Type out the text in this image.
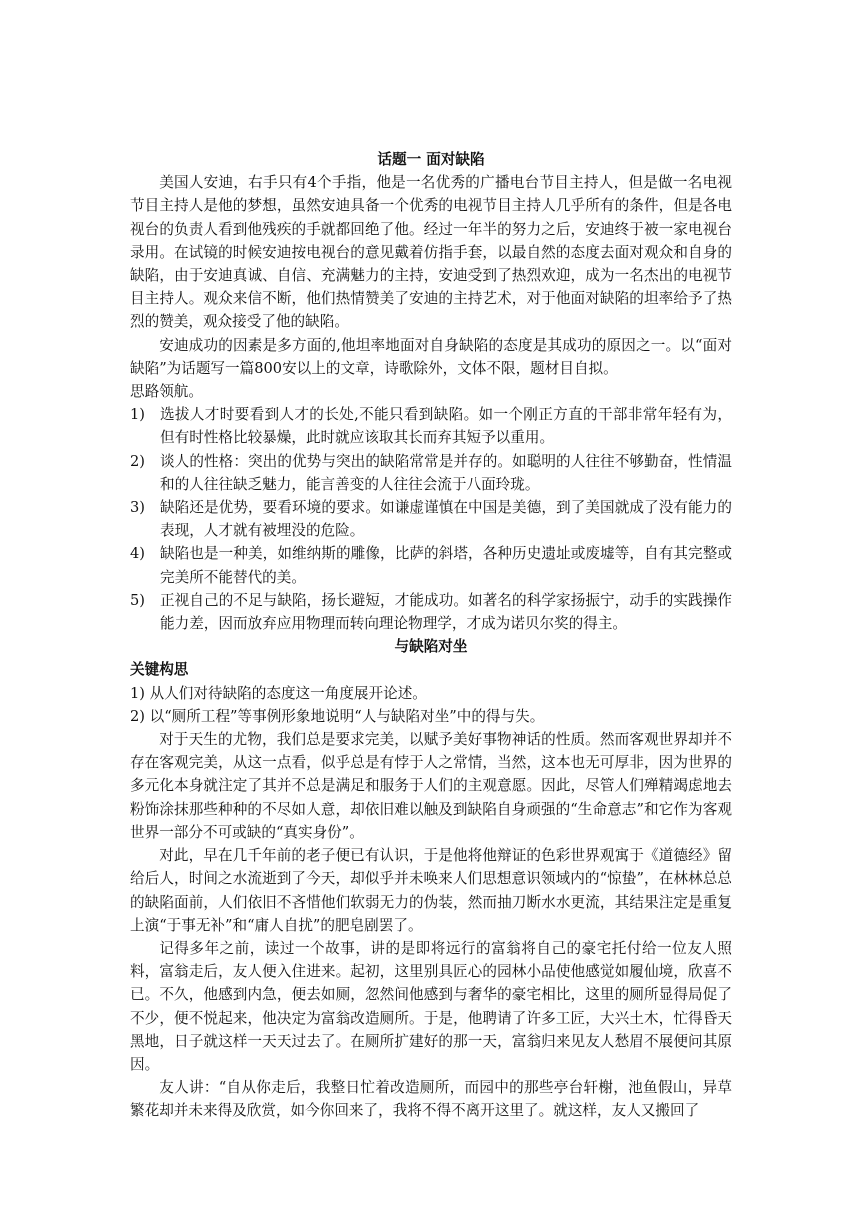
话题一 面对缺陷

美国人安迪，右手只有4个手指，他是一名优秀的广播电台节目主持人，但是做一名电视节目主持人是他的梦想，虽然安迪具备一个优秀的电视节目主持人几乎所有的条件，但是各电视台的负责人看到他残疾的手就都回绝了他。经过一年半的努力之后，安迪终于被一家电视台录用。在试镜的时候安迪按电视台的意见戴着仿指手套，以最自然的态度去面对观众和自身的缺陷，由于安迪真诚、自信、充满魅力的主持，安迪受到了热烈欢迎，成为一名杰出的电视节目主持人。观众来信不断，他们热情赞美了安迪的主持艺术，对于他面对缺陷的坦率给予了热烈的赞美，观众接受了他的缺陷。

安迪成功的因素是多方面的,他坦率地面对自身缺陷的态度是其成功的原因之一。以“面对缺陷”为话题写一篇800安以上的文章，诗歌除外，文体不限，题材目自拟。

思路领航。

1)	选拔人才时要看到人才的长处,不能只看到缺陷。如一个刚正方直的干部非常年轻有为，但有时性格比较暴燥，此时就应该取其长而弃其短予以重用。
2)	谈人的性格：突出的优势与突出的缺陷常常是并存的。如聪明的人往往不够勤奋，性情温和的人往往缺乏魅力，能言善变的人往往会流于八面玲珑。
3)	缺陷还是优势，要看环境的要求。如谦虚谨慎在中国是美德，到了美国就成了没有能力的表现，人才就有被埋没的危险。
4)	缺陷也是一种美，如维纳斯的雕像，比萨的斜塔，各种历史遗址或废墟等，自有其完整或完美所不能替代的美。
5)	正视自己的不足与缺陷，扬长避短，才能成功。如著名的科学家扬振宁，动手的实践操作能力差，因而放弃应用物理而转向理论物理学，才成为诺贝尔奖的得主。

与缺陷对坐

关键构思

1) 从人们对待缺陷的态度这一角度展开论述。

2) 以“厕所工程”等事例形象地说明“人与缺陷对坐”中的得与失。

对于天生的尤物，我们总是要求完美，以赋予美好事物神话的性质。然而客观世界却并不存在客观完美，从这一点看，似乎总是有悖于人之常情，当然，这本也无可厚非，因为世界的多元化本身就注定了其并不总是满足和服务于人们的主观意愿。因此，尽管人们殚精竭虑地去粉饰涂抹那些种种的不尽如人意，却依旧难以触及到缺陷自身顽强的“生命意志”和它作为客观世界一部分不可或缺的“真实身份”。

对此，早在几千年前的老子便已有认识，于是他将他辩证的色彩世界观寓于《道德经》留给后人，时间之水流逝到了今天，却似乎并未唤来人们思想意识领域内的“惊蛰”，在林林总总的缺陷面前，人们依旧不吝惜他们软弱无力的伪装，然而抽刀断水水更流，其结果注定是重复上演“于事无补”和“庸人自扰”的肥皂剧罢了。

记得多年之前，读过一个故事，讲的是即将远行的富翁将自己的豪宅托付给一位友人照料，富翁走后，友人便入住进来。起初，这里别具匠心的园林小品使他感觉如履仙境，欣喜不已。不久，他感到内急，便去如厕，忽然间他感到与奢华的豪宅相比，这里的厕所显得局促了不少，便不悦起来，他决定为富翁改造厕所。于是，他聘请了许多工匠，大兴土木，忙得昏天黑地，日子就这样一天天过去了。在厕所扩建好的那一天，富翁归来见友人愁眉不展便问其原因。

友人讲：“自从你走后，我整日忙着改造厕所，而园中的那些亭台轩榭，池鱼假山，异草繁花却并未来得及欣赏，如今你回来了，我将不得不离开这里了。就这样，友人又搬回了
